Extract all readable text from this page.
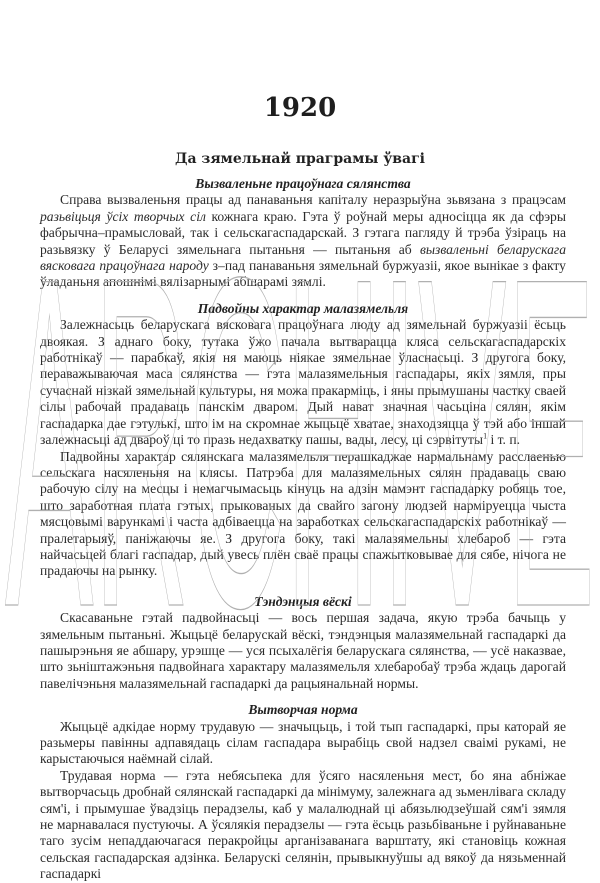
1920
Да зямельнай праграмы ўвагі
Вызваленьне працоўнага сялянства

Справа вызваленьня працы ад панаваньня капіталу неразрыўна зьвязана з працэсам разьвіцьця ўсіх творчых сіл кожнага краю. Гэта ў роўнай меры адносіцца як да сфэры фабрычна–прамысловай, так і сельскагаспадарскай. З гэтага пагляду й трэба ўзіраць на разьвязку ў Беларусі зямельнага пытаньня — пытаньня аб вызваленьні беларускага вясковага працоўнага народу з–пад панаваньня зямельнай буржуазіі, якое вынікае з факту ўладаньня апошнімі вялізарнымі абшарамі зямлі.

Падвойны характар малазямельля

Залежнасьць беларускага вясковага працоўнага люду ад зямельнай буржуазіі ёсьць двоякая. З аднаго боку, тутака ўжо пачала вытварацца кляса сельскагаспадарскіх работнікаў — парабкаў, якія ня маюць ніякае зямельнае ўласнасьці. З другога боку, пераважываючая маса сялянства — гэта малазямельныя гаспадары, якіх зямля, пры сучаснай нізкай зямельнай культуры, ня можа пракарміць, і яны прымушаны частку сваей сілы рабочай прадаваць панскім дваром. Дый нават значная часьціна сялян, якім гаспадарка дае гэтулькі, што ім на скромнае жыцьцё хватае, знаходзяцца ў тэй або іншай залежнасьці ад двароў ці то празь недахватку пашы, вады, лесу, ці сэрвітуты$^1$ і т. п.

Падвойны характар сялянскага малазямельля перашкаджае нармальнаму расслаенью сельскага насяленьня на клясы. Патрэба для малазямельных сялян прадаваць сваю рабочую сілу на месцы і немагчымасьць кінуць на адзін мамэнт гаспадарку робяць тое, што заработная плата гэтых, прыкованых да свайго загону людзей нарміруецца чыста мясцовымі варункамі і часта адбіваецца на заработках сельскагаспадарскіх работнікаў — пралетарыяў, паніжаючы яе. З другога боку, такі малазямельны хлебароб — гэта найчасьцей благі гаспадар, дый увесь плён сваё працы спажытковывае для сябе, нічога не прадаючы на рынку.

Тэндэнцыя вёскі

Скасаваньне гэтай падвойнасьці — вось першая задача, якую трэба бачыць у зямельным пытаньні. Жыцьцё беларускай вёскі, тэндэнцыя малазямельнай гаспадаркі да пашырэньня яе абшару, урэшце — уся псыхалёгія беларускага сялянства, — усё наказвае, што зьніштажэньня падвойнага характару малазямельля хлебаробаў трэба ждаць дарогай павелічэньня малазямельнай гаспадаркі да рацыянальнай нормы.

Вытворчая норма

Жыцьцё адкідае норму трудавую — значыцьць, і той тып гаспадаркі, пры каторай яе разьмеры павінны адпавядаць сілам гаспадара вырабіць свой надзел сваімі рукамі, не карыстаючыся наёмнай сілай.

Трудавая норма — гэта небясьпека для ўсяго насяленьня мест, бо яна абніжае вытворчасьць дробнай сялянскай гаспадаркі да мінімуму, залежнага ад зьменлівага складу сям'і, і прымушае ўвадзіць перадзелы, каб у малалюднай ці абязьлюдзеўшай сям'і зямля не марнавалася пустуючы. А ўсялякія перадзелы — гэта ёсьць разьбіваньне і руйнаваньне таго зусім непаддаючагася перакройцы арганізаванага варштату, які становіць кожная сельская гаспадарская адзінка. Беларускі селянін, прывыкнуўшы ад вякоў да нязьменнай гаспадаркі

ARCHIVE
